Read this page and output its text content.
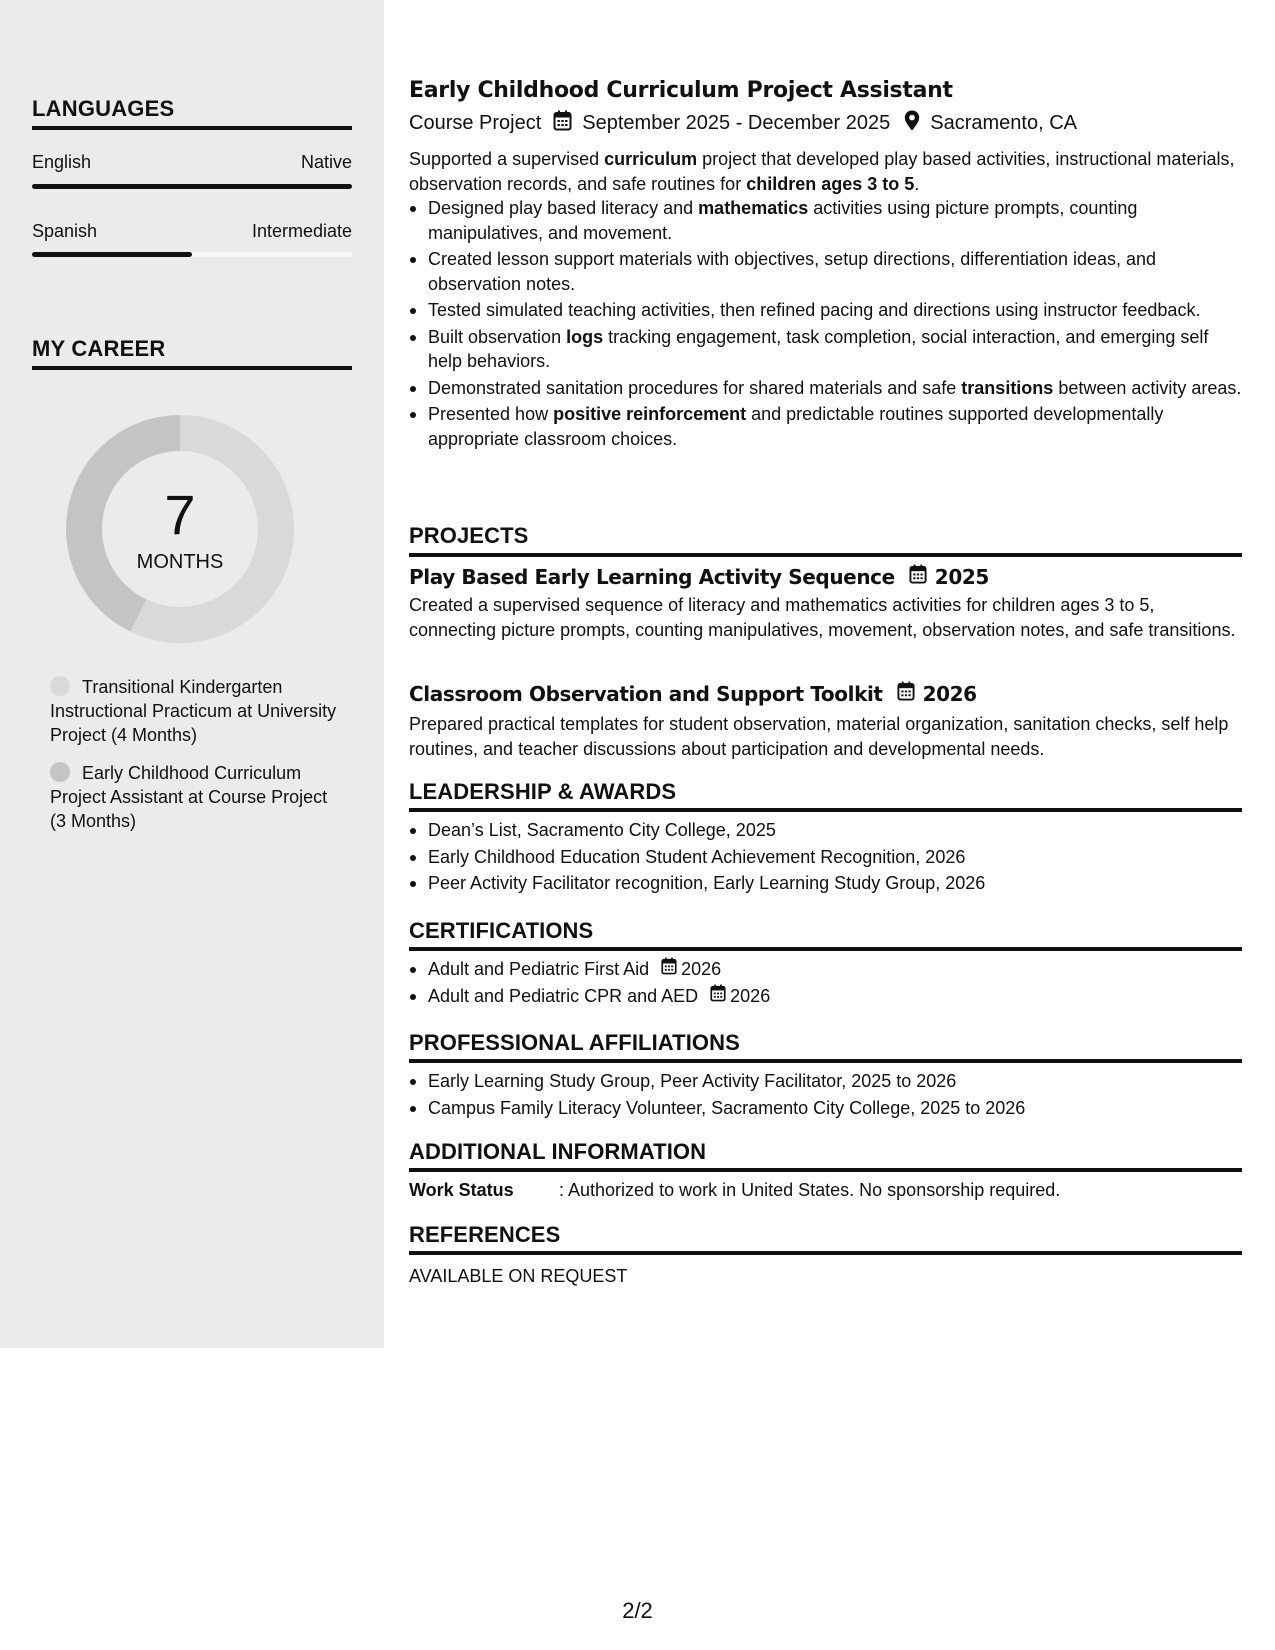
LANGUAGES
English	Native
Spanish	Intermediate
MY CAREER
7
MONTHS
Transitional Kindergarten Instructional Practicum at University Project (4 Months)
Early Childhood Curriculum Project Assistant at Course Project (3 Months)
Early Childhood Curriculum Project Assistant
Course Project September 2025 - December 2025 Sacramento, CA
Supported a supervised curriculum project that developed play based activities, instructional materials, observation records, and safe routines for children ages 3 to 5.
Designed play based literacy and mathematics activities using picture prompts, counting manipulatives, and movement.
Created lesson support materials with objectives, setup directions, differentiation ideas, and observation notes.
Tested simulated teaching activities, then refined pacing and directions using instructor feedback.
Built observation logs tracking engagement, task completion, social interaction, and emerging self help behaviors.
Demonstrated sanitation procedures for shared materials and safe transitions between activity areas.
Presented how positive reinforcement and predictable routines supported developmentally appropriate classroom choices.
PROJECTS
Play Based Early Learning Activity Sequence 2025
Created a supervised sequence of literacy and mathematics activities for children ages 3 to 5, connecting picture prompts, counting manipulatives, movement, observation notes, and safe transitions.
Classroom Observation and Support Toolkit 2026
Prepared practical templates for student observation, material organization, sanitation checks, self help routines, and teacher discussions about participation and developmental needs.
LEADERSHIP & AWARDS
Dean’s List, Sacramento City College, 2025
Early Childhood Education Student Achievement Recognition, 2026
Peer Activity Facilitator recognition, Early Learning Study Group, 2026
CERTIFICATIONS
Adult and Pediatric First Aid 2026
Adult and Pediatric CPR and AED 2026
PROFESSIONAL AFFILIATIONS
Early Learning Study Group, Peer Activity Facilitator, 2025 to 2026
Campus Family Literacy Volunteer, Sacramento City College, 2025 to 2026
ADDITIONAL INFORMATION
Work Status	: Authorized to work in United States. No sponsorship required.
REFERENCES
AVAILABLE ON REQUEST
2/2
